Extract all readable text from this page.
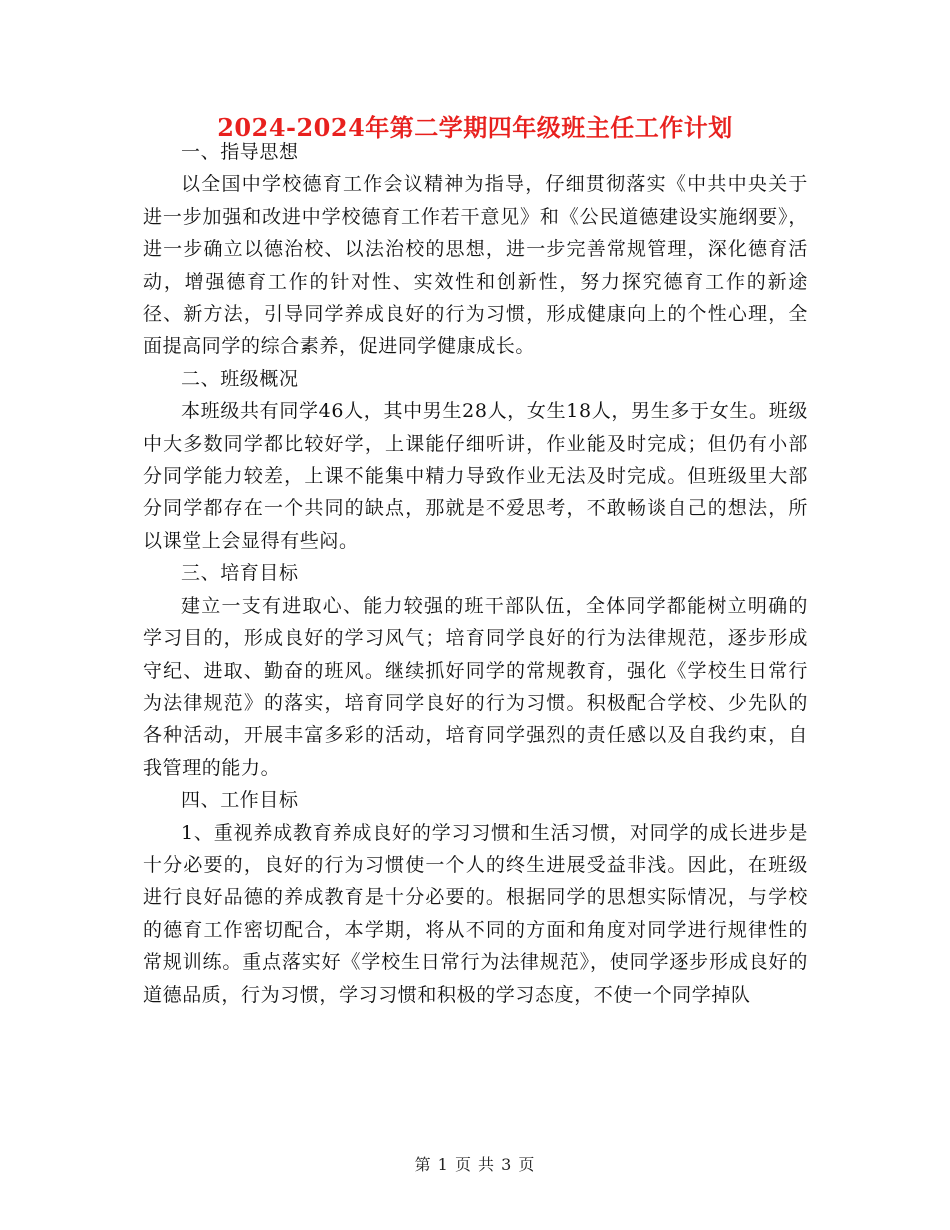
2024-2024年第二学期四年级班主任工作计划

一、指导思想

以全国中学校德育工作会议精神为指导，仔细贯彻落实《中共中央关于进一步加强和改进中学校德育工作若干意见》和《公民道德建设实施纲要》，进一步确立以德治校、以法治校的思想，进一步完善常规管理，深化德育活动，增强德育工作的针对性、实效性和创新性，努力探究德育工作的新途径、新方法，引导同学养成良好的行为习惯，形成健康向上的个性心理，全面提高同学的综合素养，促进同学健康成长。

二、班级概况

本班级共有同学46人，其中男生28人，女生18人，男生多于女生。班级中大多数同学都比较好学，上课能仔细听讲，作业能及时完成；但仍有小部分同学能力较差，上课不能集中精力导致作业无法及时完成。但班级里大部分同学都存在一个共同的缺点，那就是不爱思考，不敢畅谈自己的想法，所以课堂上会显得有些闷。

三、培育目标

建立一支有进取心、能力较强的班干部队伍，全体同学都能树立明确的学习目的，形成良好的学习风气；培育同学良好的行为法律规范，逐步形成守纪、进取、勤奋的班风。继续抓好同学的常规教育，强化《学校生日常行为法律规范》的落实，培育同学良好的行为习惯。积极配合学校、少先队的各种活动，开展丰富多彩的活动，培育同学强烈的责任感以及自我约束，自我管理的能力。

四、工作目标

1、重视养成教育养成良好的学习习惯和生活习惯，对同学的成长进步是十分必要的，良好的行为习惯使一个人的终生进展受益非浅。因此，在班级进行良好品德的养成教育是十分必要的。根据同学的思想实际情况，与学校的德育工作密切配合，本学期，将从不同的方面和角度对同学进行规律性的常规训练。重点落实好《学校生日常行为法律规范》，使同学逐步形成良好的道德品质，行为习惯，学习习惯和积极的学习态度，不使一个同学掉队

第 1 页 共 3 页
